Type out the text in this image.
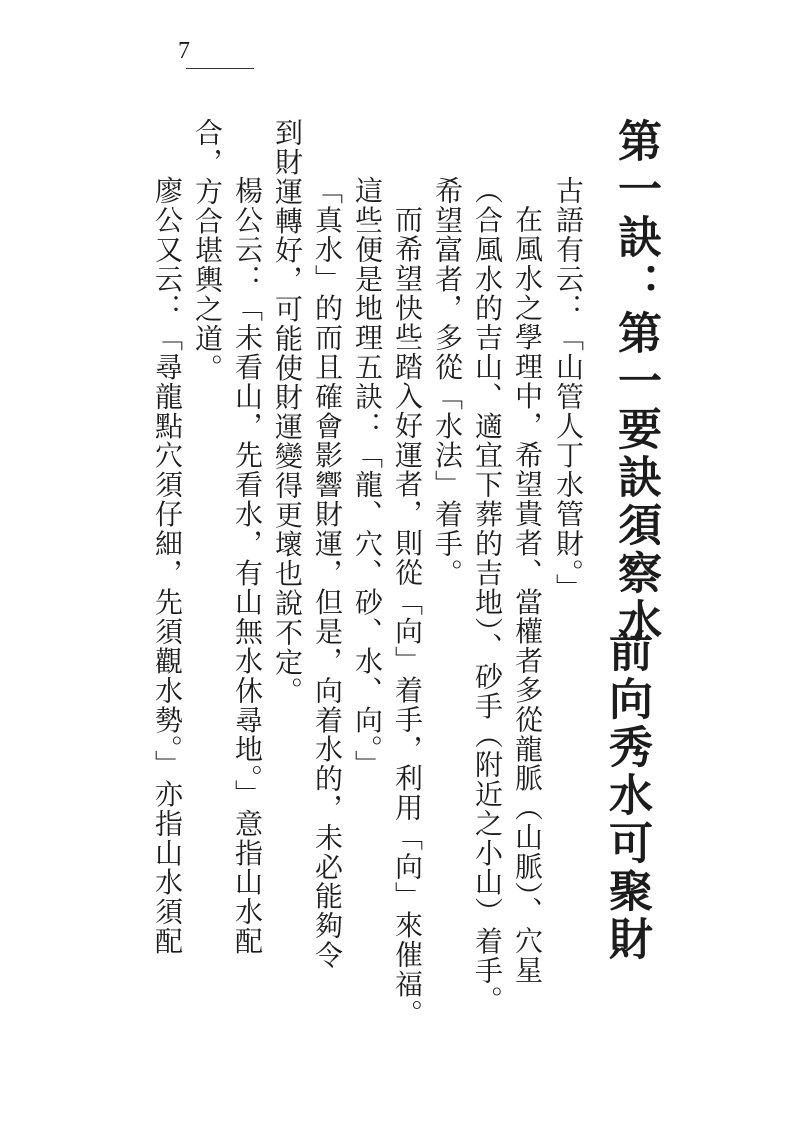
7
第一訣：第一要訣須察水
前向秀水可聚財
古語有云：「山管人丁水管財。」
在風水之學理中，希望貴者、當權者多從龍脈（山脈）、穴星
（合風水的吉山、適宜下葬的吉地）、砂手（附近之小山）着手。
希望富者，多從「水法」着手。
而希望快些踏入好運者，則從「向」着手，利用「向」來催福。
這些便是地理五訣：「龍、穴、砂、水、向。」
「真水」的而且確會影響財運，但是，向着水的，未必能夠令
到財運轉好，可能使財運變得更壞也說不定。
楊公云：「未看山，先看水，有山無水休尋地。」意指山水配
合，方合堪輿之道。
廖公又云：「尋龍點穴須仔細，先須觀水勢。」亦指山水須配
